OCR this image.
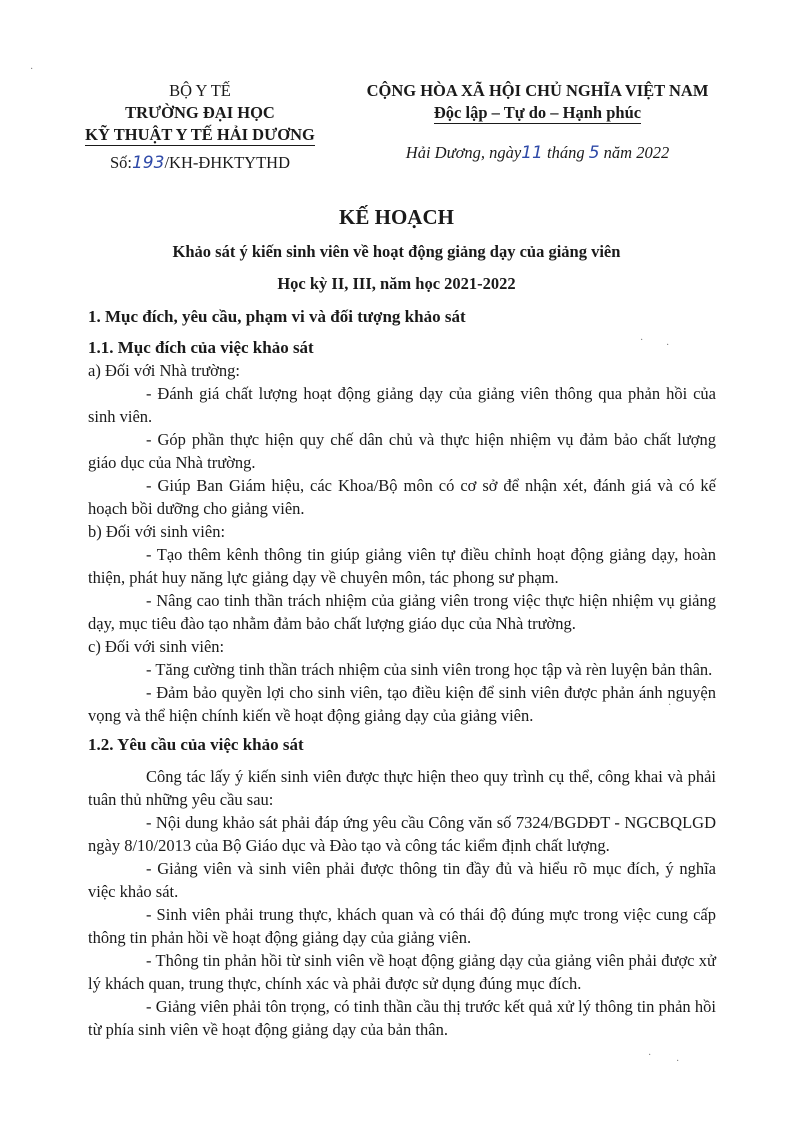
BỘ Y TẾ
TRƯỜNG ĐẠI HỌC
KỸ THUẬT Y TẾ HẢI DƯƠNG
Số:193/KH-ĐHKTYTHD
CỘNG HÒA XÃ HỘI CHỦ NGHĨA VIỆT NAM
Độc lập – Tự do – Hạnh phúc
Hải Dương, ngày11 tháng 5 năm 2022
KẾ HOẠCH
Khảo sát ý kiến sinh viên về hoạt động giảng dạy của giảng viên
Học kỳ II, III, năm học 2021-2022
1. Mục đích, yêu cầu, phạm vi và đối tượng khảo sát
1.1. Mục đích của việc khảo sát
a) Đối với Nhà trường:

- Đánh giá chất lượng hoạt động giảng dạy của giảng viên thông qua phản hồi của sinh viên.

- Góp phần thực hiện quy chế dân chủ và thực hiện nhiệm vụ đảm bảo chất lượng giáo dục của Nhà trường.

- Giúp Ban Giám hiệu, các Khoa/Bộ môn có cơ sở để nhận xét, đánh giá và có kế hoạch bồi dưỡng cho giảng viên.

b) Đối với sinh viên:

- Tạo thêm kênh thông tin giúp giảng viên tự điều chỉnh hoạt động giảng dạy, hoàn thiện, phát huy năng lực giảng dạy về chuyên môn, tác phong sư phạm.

- Nâng cao tinh thần trách nhiệm của giảng viên trong việc thực hiện nhiệm vụ giảng dạy, mục tiêu đào tạo nhằm đảm bảo chất lượng giáo dục của Nhà trường.

c) Đối với sinh viên:

- Tăng cường tinh thần trách nhiệm của sinh viên trong học tập và rèn luyện bản thân.

- Đảm bảo quyền lợi cho sinh viên, tạo điều kiện để sinh viên được phản ánh nguyện vọng và thể hiện chính kiến về hoạt động giảng dạy của giảng viên.

1.2. Yêu cầu của việc khảo sát

Công tác lấy ý kiến sinh viên được thực hiện theo quy trình cụ thể, công khai và phải tuân thủ những yêu cầu sau:

- Nội dung khảo sát phải đáp ứng yêu cầu Công văn số 7324/BGDĐT - NGCBQLGD ngày 8/10/2013 của Bộ Giáo dục và Đào tạo và công tác kiểm định chất lượng.

- Giảng viên và sinh viên phải được thông tin đầy đủ và hiểu rõ mục đích, ý nghĩa việc khảo sát.

- Sinh viên phải trung thực, khách quan và có thái độ đúng mực trong việc cung cấp thông tin phản hồi về hoạt động giảng dạy của giảng viên.

- Thông tin phản hồi từ sinh viên về hoạt động giảng dạy của giảng viên phải được xử lý khách quan, trung thực, chính xác và phải được sử dụng đúng mục đích.

- Giảng viên phải tôn trọng, có tinh thần cầu thị trước kết quả xử lý thông tin phản hồi từ phía sinh viên về hoạt động giảng dạy của bản thân.

·
· ·
·
·
·
